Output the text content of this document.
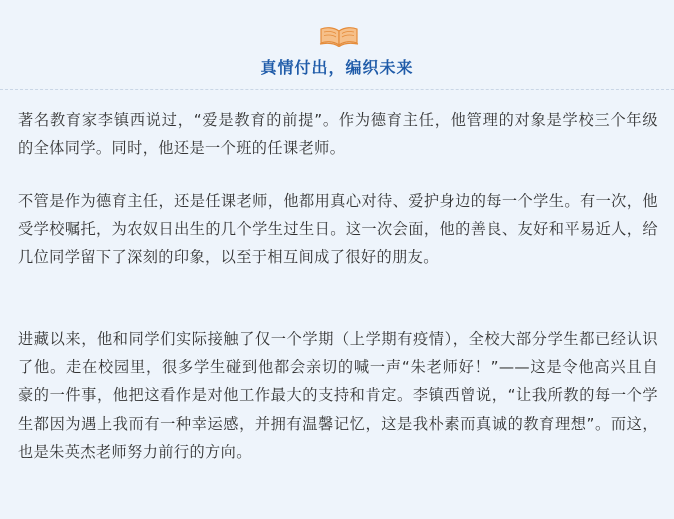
真情付出，编织未来

著名教育家李镇西说过，“爱是教育的前提”。作为德育主任，他管理的对象是学校三个年级的全体同学。同时，他还是一个班的任课老师。

不管是作为德育主任，还是任课老师，他都用真心对待、爱护身边的每一个学生。有一次，他受学校嘱托，为农奴日出生的几个学生过生日。这一次会面，他的善良、友好和平易近人，给几位同学留下了深刻的印象，以至于相互间成了很好的朋友。

进藏以来，他和同学们实际接触了仅一个学期（上学期有疫情），全校大部分学生都已经认识了他。走在校园里，很多学生碰到他都会亲切的喊一声“朱老师好！”——这是令他高兴且自豪的一件事，他把这看作是对他工作最大的支持和肯定。李镇西曾说，“让我所教的每一个学生都因为遇上我而有一种幸运感，并拥有温馨记忆，这是我朴素而真诚的教育理想”。而这，也是朱英杰老师努力前行的方向。
